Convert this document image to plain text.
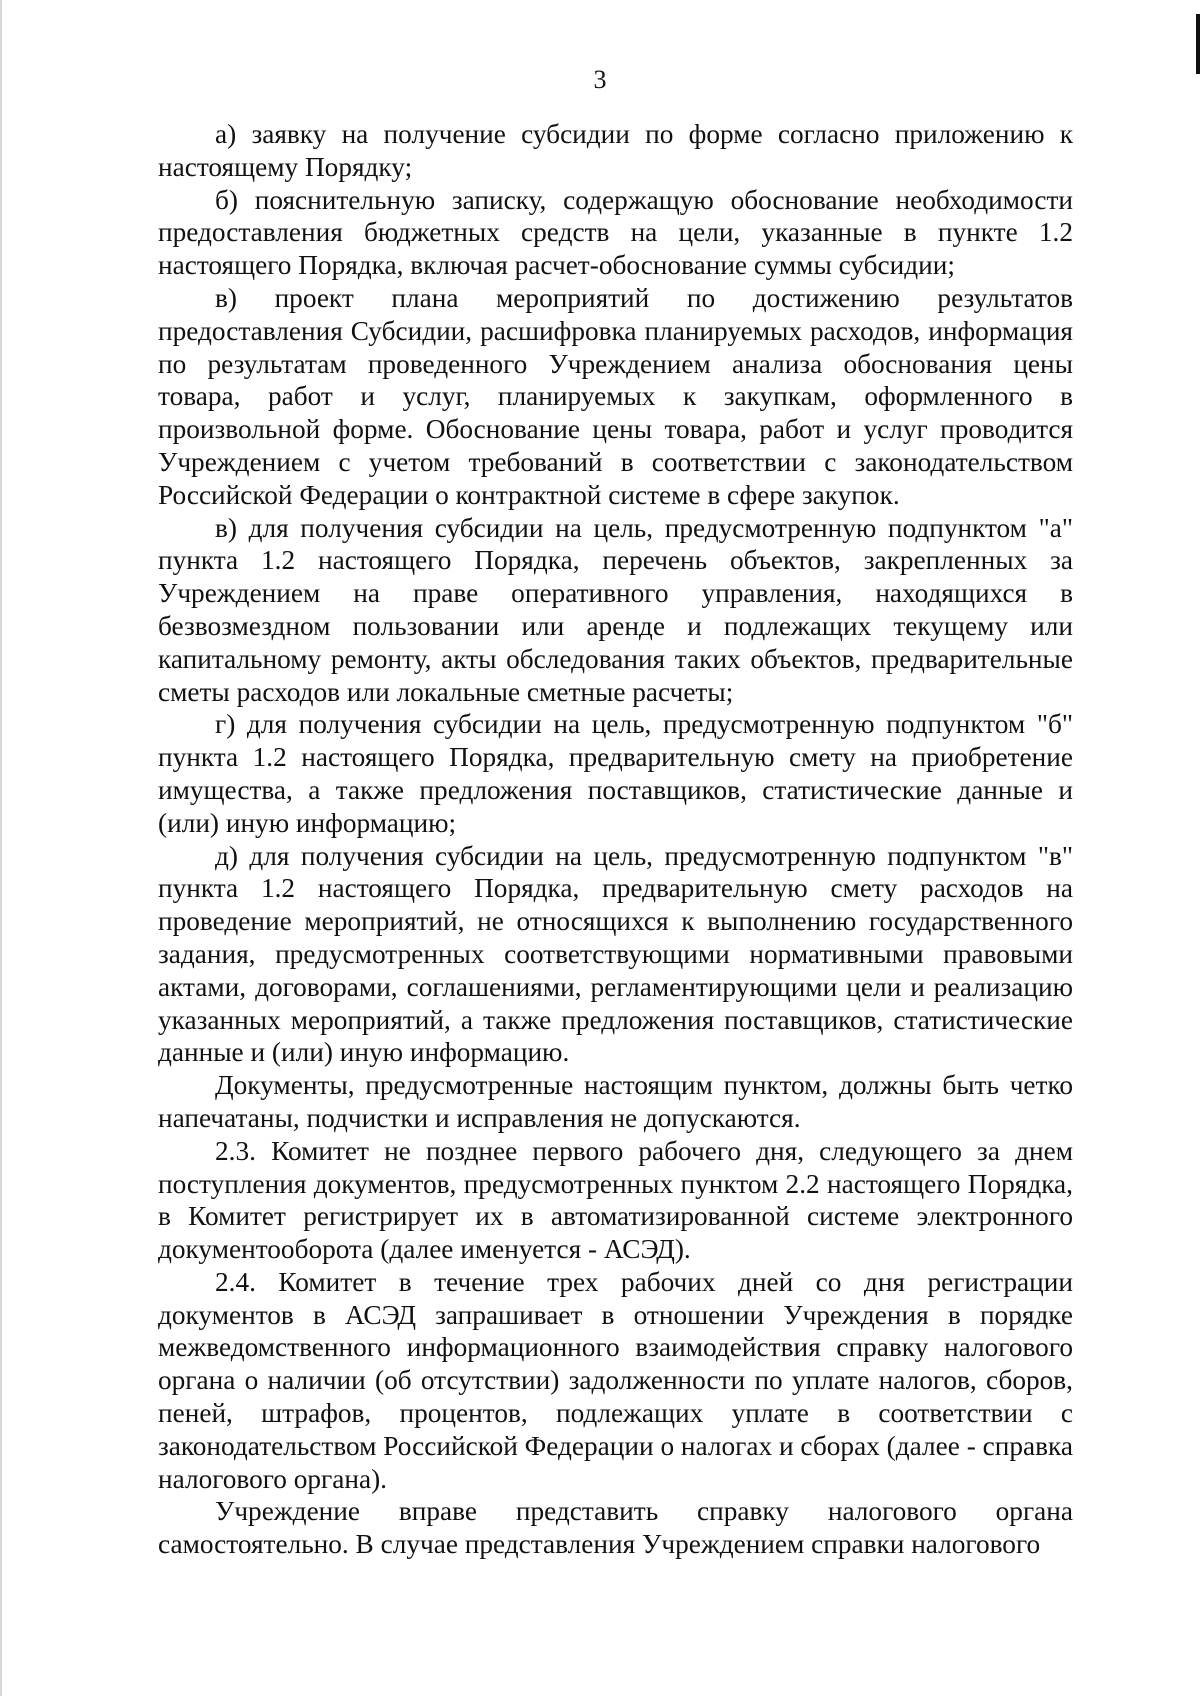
3

а) заявку на получение субсидии по форме согласно приложению к настоящему Порядку;

б) пояснительную записку, содержащую обоснование необходимости предоставления бюджетных средств на цели, указанные в пункте 1.2 настоящего Порядка, включая расчет-обоснование суммы субсидии;

в) проект плана мероприятий по достижению результатов предоставления Субсидии, расшифровка планируемых расходов, информация по результатам проведенного Учреждением анализа обоснования цены товара, работ и услуг, планируемых к закупкам, оформленного в произвольной форме. Обоснование цены товара, работ и услуг проводится Учреждением с учетом требований в соответствии с законодательством Российской Федерации о контрактной системе в сфере закупок.

в) для получения субсидии на цель, предусмотренную подпунктом "а" пункта 1.2 настоящего Порядка, перечень объектов, закрепленных за Учреждением на праве оперативного управления, находящихся в безвозмездном пользовании или аренде и подлежащих текущему или капитальному ремонту, акты обследования таких объектов, предварительные сметы расходов или локальные сметные расчеты;

г) для получения субсидии на цель, предусмотренную подпунктом "б" пункта 1.2 настоящего Порядка, предварительную смету на приобретение имущества, а также предложения поставщиков, статистические данные и (или) иную информацию;

д) для получения субсидии на цель, предусмотренную подпунктом "в" пункта 1.2 настоящего Порядка, предварительную смету расходов на проведение мероприятий, не относящихся к выполнению государственного задания, предусмотренных соответствующими нормативными правовыми актами, договорами, соглашениями, регламентирующими цели и реализацию указанных мероприятий, а также предложения поставщиков, статистические данные и (или) иную информацию.

Документы, предусмотренные настоящим пунктом, должны быть четко напечатаны, подчистки и исправления не допускаются.

2.3. Комитет не позднее первого рабочего дня, следующего за днем поступления документов, предусмотренных пунктом 2.2 настоящего Порядка, в Комитет регистрирует их в автоматизированной системе электронного документооборота (далее именуется - АСЭД).

2.4. Комитет в течение трех рабочих дней со дня регистрации документов в АСЭД запрашивает в отношении Учреждения в порядке межведомственного информационного взаимодействия справку налогового органа о наличии (об отсутствии) задолженности по уплате налогов, сборов, пеней, штрафов, процентов, подлежащих уплате в соответствии с законодательством Российской Федерации о налогах и сборах (далее - справка налогового органа).

Учреждение вправе представить справку налогового органа самостоятельно. В случае представления Учреждением справки налогового
